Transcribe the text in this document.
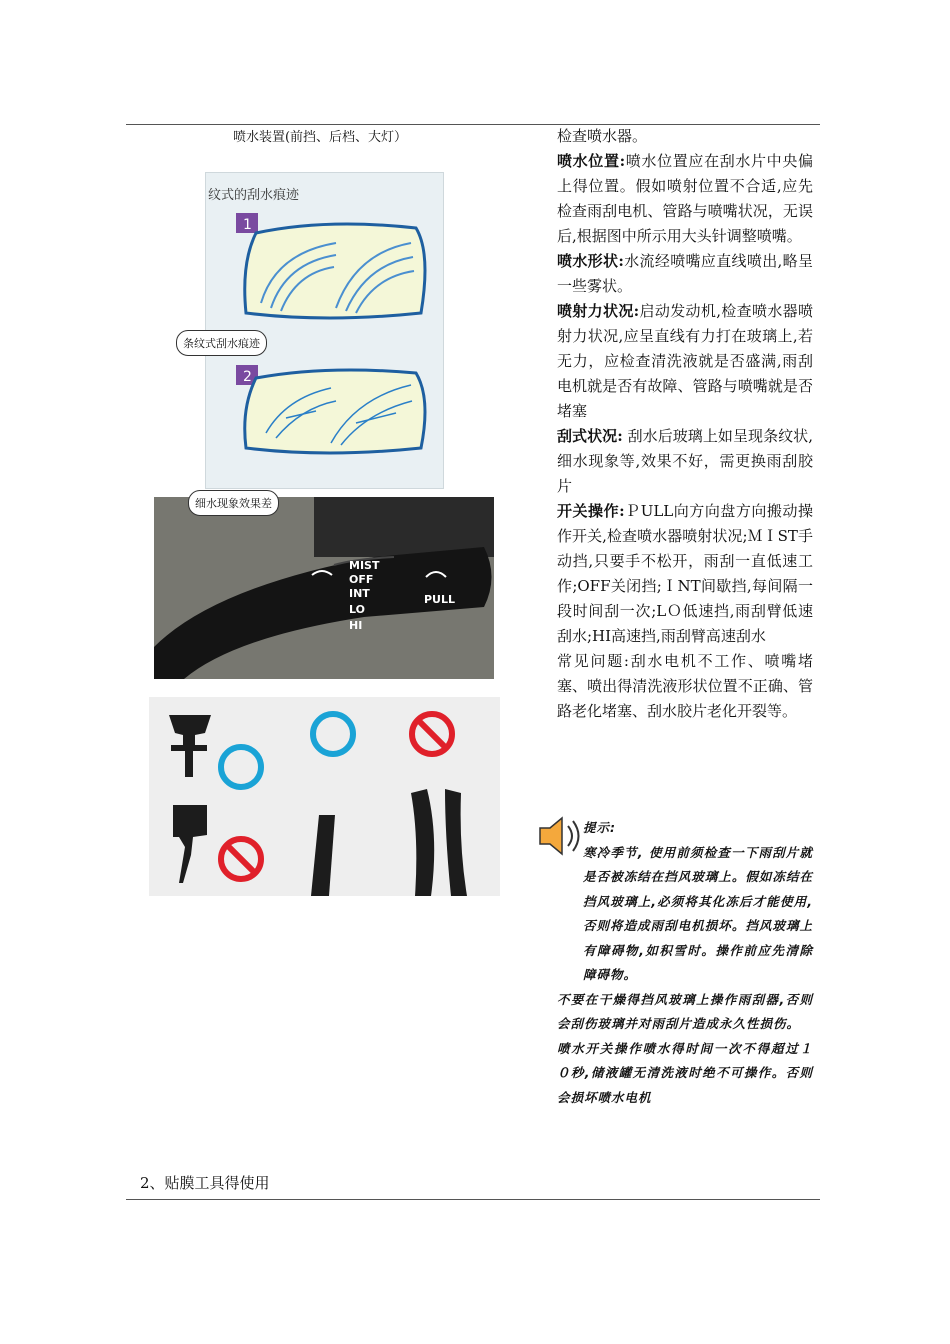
喷水装置(前挡、后档、大灯）
纹式的刮水痕迹
1
2
条纹式刮水痕迹
MIST
OFF
INT
LO
HI
PULL
细水现象效果差

检查喷水器。

喷水位置:喷水位置应在刮水片中央偏上得位置。假如喷射位置不合适,应先检查雨刮电机、管路与喷嘴状况，无误后,根据图中所示用大头针调整喷嘴。

喷水形状:水流经喷嘴应直线喷出,略呈一些雾状。

喷射力状况:启动发动机,检查喷水器喷射力状况,应呈直线有力打在玻璃上,若无力，应检查清洗液就是否盛满,雨刮电机就是否有故障、管路与喷嘴就是否堵塞

刮式状况: 刮水后玻璃上如呈现条纹状,细水现象等,效果不好，需更换雨刮胶片

开关操作:ＰULL向方向盘方向搬动操作开关,检查喷水器喷射状况;ＭＩST手动挡,只要手不松开，雨刮一直低速工作;OFF关闭挡;ＩNT间歇挡,每间隔一段时间刮一次;LＯ低速挡,雨刮臂低速刮水;HI高速挡,雨刮臂高速刮水

常见问题:刮水电机不工作、喷嘴堵塞、喷出得清洗液形状位置不正确、管路老化堵塞、刮水胶片老化开裂等。

提示:

寒冷季节, 使用前须检查一下雨刮片就是否被冻结在挡风玻璃上。假如冻结在挡风玻璃上,必须将其化冻后才能使用,否则将造成雨刮电机损坏。挡风玻璃上有障碍物,如积雪时。操作前应先清除障碍物。

不要在干燥得挡风玻璃上操作雨刮器,否则会刮伤玻璃并对雨刮片造成永久性损伤。

喷水开关操作喷水得时间一次不得超过１０秒,储液罐无清洗液时绝不可操作。否则会损坏喷水电机

2、贴膜工具得使用
